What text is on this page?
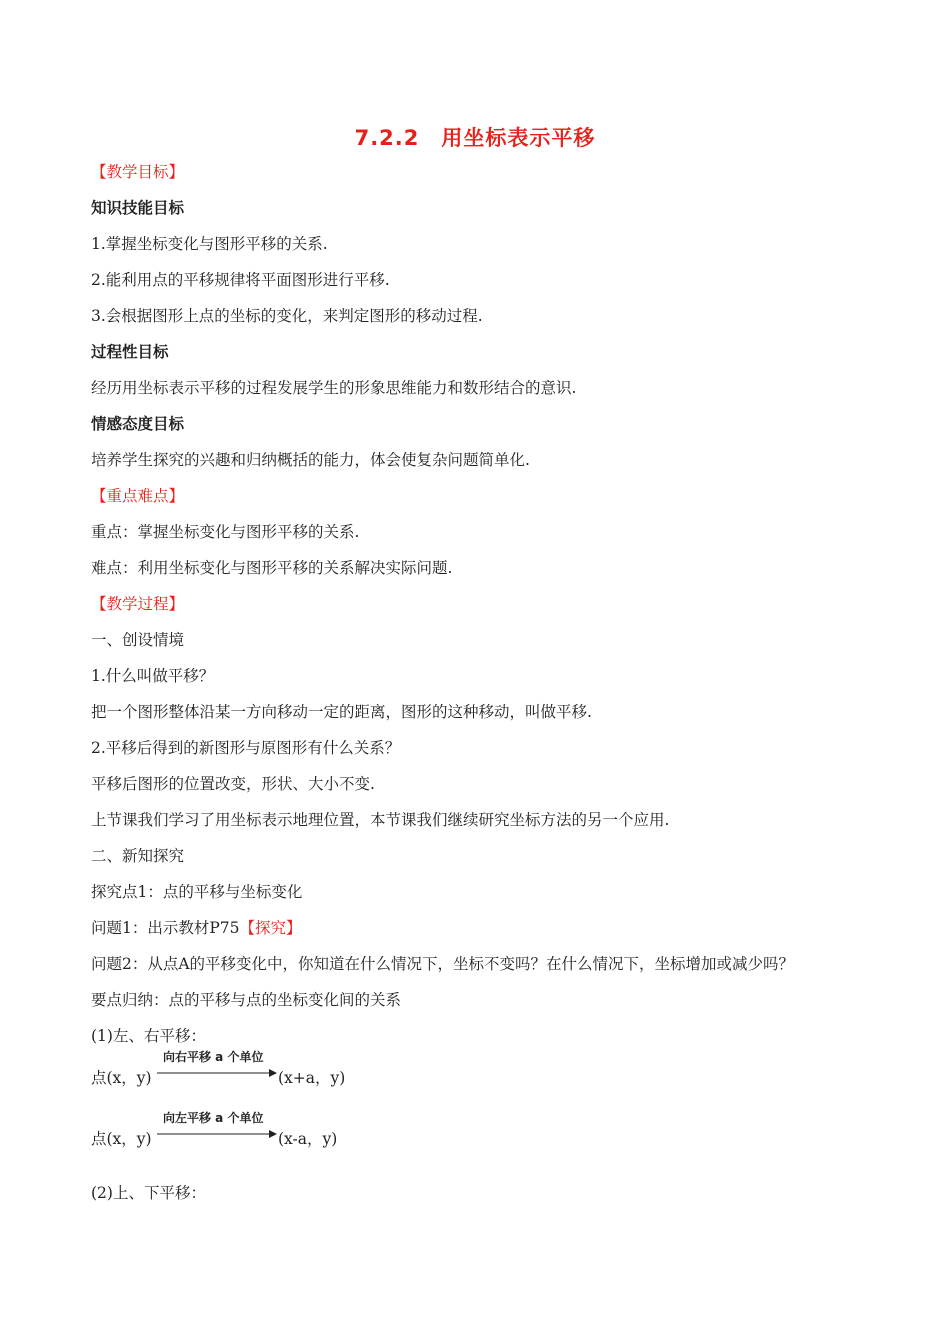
7.2.2　用坐标表示平移
【教学目标】
知识技能目标
1.掌握坐标变化与图形平移的关系.
2.能利用点的平移规律将平面图形进行平移.
3.会根据图形上点的坐标的变化，来判定图形的移动过程.
过程性目标
经历用坐标表示平移的过程发展学生的形象思维能力和数形结合的意识.
情感态度目标
培养学生探究的兴趣和归纳概括的能力，体会使复杂问题简单化.
【重点难点】
重点：掌握坐标变化与图形平移的关系.
难点：利用坐标变化与图形平移的关系解决实际问题.
【教学过程】
一、创设情境
1.什么叫做平移？
把一个图形整体沿某一方向移动一定的距离，图形的这种移动，叫做平移.
2.平移后得到的新图形与原图形有什么关系？
平移后图形的位置改变，形状、大小不变.
上节课我们学习了用坐标表示地理位置，本节课我们继续研究坐标方法的另一个应用.
二、新知探究
探究点1：点的平移与坐标变化
问题1：出示教材P75【探究】
问题2：从点A的平移变化中，你知道在什么情况下，坐标不变吗？在什么情况下，坐标增加或减少吗？
要点归纳：点的平移与点的坐标变化间的关系
(1)左、右平移：
点(x，y)
向右平移 a 个单位
(x+a，y)
点(x，y)
向左平移 a 个单位
(x-a，y)
(2)上、下平移：
